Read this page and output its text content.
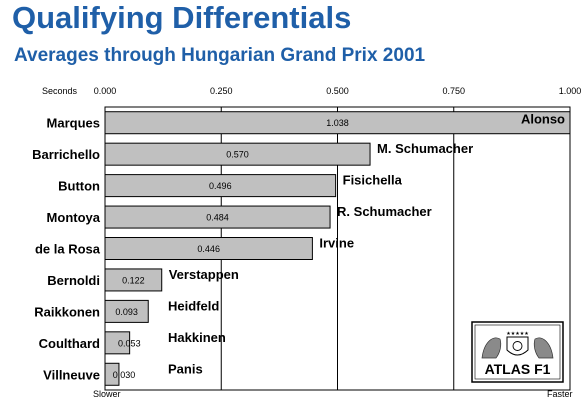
Qualifying Differentials
Averages through Hungarian Grand Prix 2001
0.000	0.250	0.500	0.750	1.000
1.038
Marques	Alonso
0.570
Barrichello	M. Schumacher
0.496
Button	Fisichella
0.484
Montoya	R. Schumacher
0.446
de la Rosa	Irvine
0.122
Bernoldi	Verstappen
0.093
Raikkonen	Heidfeld
0.053
Coulthard	Hakkinen
0.030
Villneuve	Panis
Seconds
Slower	Faster
★★★★★
ATLAS F1
